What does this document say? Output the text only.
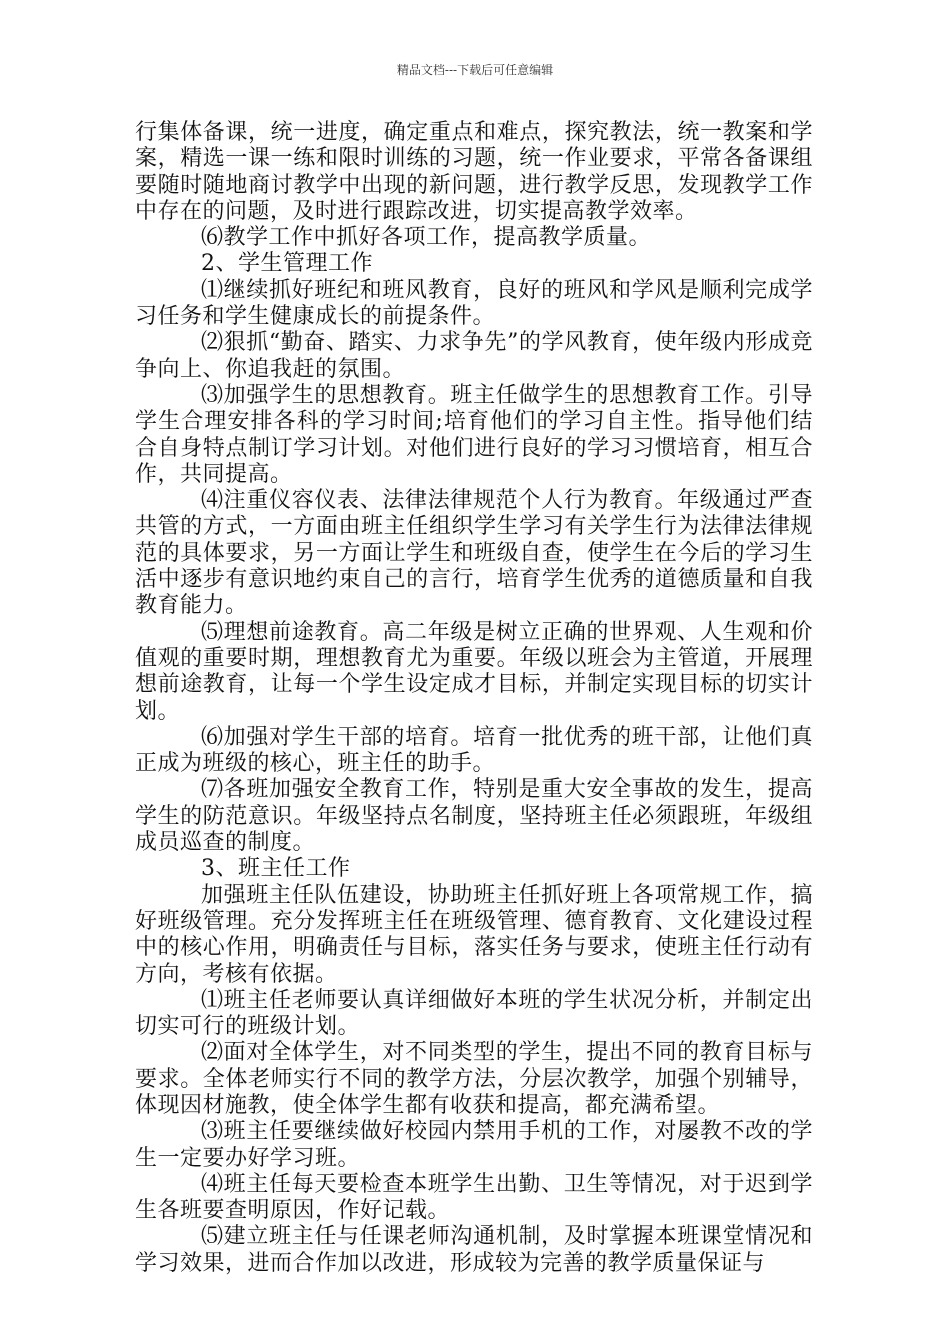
精品文档---下载后可任意编辑

行集体备课，统一进度，确定重点和难点，探究教法，统一教案和学案，精选一课一练和限时训练的习题，统一作业要求，平常各备课组要随时随地商讨教学中出现的新问题，进行教学反思，发现教学工作中存在的问题，及时进行跟踪改进，切实提高教学效率。

⑹教学工作中抓好各项工作，提高教学质量。

2、学生管理工作

⑴继续抓好班纪和班风教育，良好的班风和学风是顺利完成学习任务和学生健康成长的前提条件。

⑵狠抓“勤奋、踏实、力求争先”的学风教育，使年级内形成竞争向上、你追我赶的氛围。

⑶加强学生的思想教育。班主任做学生的思想教育工作。引导学生合理安排各科的学习时间;培育他们的学习自主性。指导他们结合自身特点制订学习计划。对他们进行良好的学习习惯培育，相互合作，共同提高。

⑷注重仪容仪表、法律法律规范个人行为教育。年级通过严查共管的方式，一方面由班主任组织学生学习有关学生行为法律法律规范的具体要求，另一方面让学生和班级自查，使学生在今后的学习生活中逐步有意识地约束自己的言行，培育学生优秀的道德质量和自我教育能力。

⑸理想前途教育。高二年级是树立正确的世界观、人生观和价值观的重要时期，理想教育尤为重要。年级以班会为主管道，开展理想前途教育，让每一个学生设定成才目标，并制定实现目标的切实计划。

⑹加强对学生干部的培育。培育一批优秀的班干部，让他们真正成为班级的核心，班主任的助手。

⑺各班加强安全教育工作，特别是重大安全事故的发生，提高学生的防范意识。年级坚持点名制度，坚持班主任必须跟班，年级组成员巡查的制度。

3、班主任工作

加强班主任队伍建设，协助班主任抓好班上各项常规工作，搞好班级管理。充分发挥班主任在班级管理、德育教育、文化建设过程中的核心作用，明确责任与目标，落实任务与要求，使班主任行动有方向，考核有依据。

⑴班主任老师要认真详细做好本班的学生状况分析，并制定出切实可行的班级计划。

⑵面对全体学生，对不同类型的学生，提出不同的教育目标与要求。全体老师实行不同的教学方法，分层次教学，加强个别辅导，体现因材施教，使全体学生都有收获和提高，都充满希望。

⑶班主任要继续做好校园内禁用手机的工作，对屡教不改的学生一定要办好学习班。

⑷班主任每天要检查本班学生出勤、卫生等情况，对于迟到学生各班要查明原因，作好记载。

⑸建立班主任与任课老师沟通机制，及时掌握本班课堂情况和学习效果，进而合作加以改进，形成较为完善的教学质量保证与
